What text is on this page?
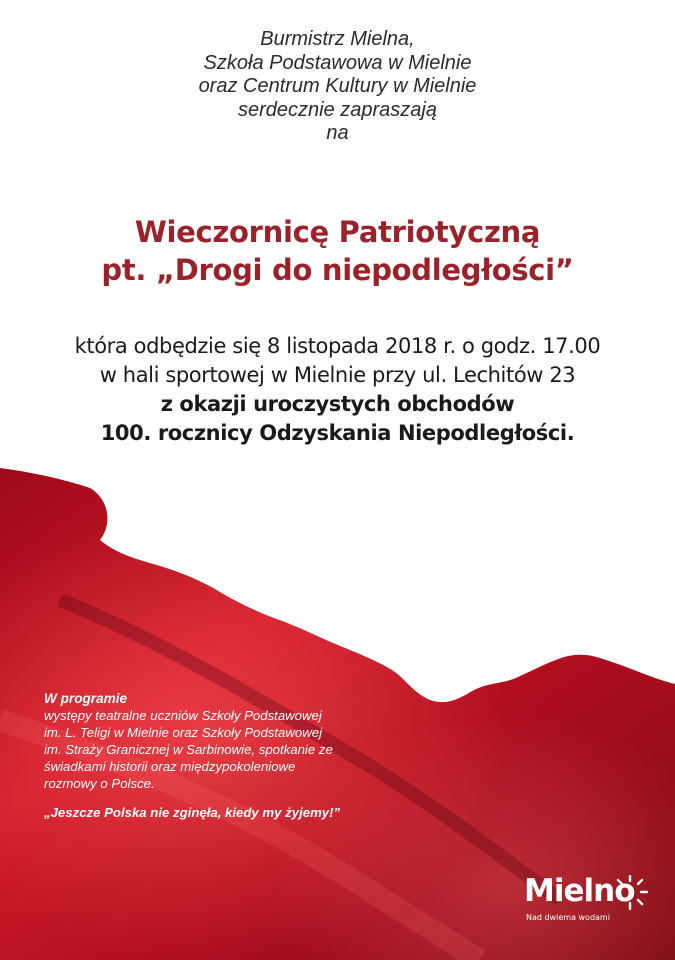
Burmistrz Mielna,
Szkoła Podstawowa w Mielnie
oraz Centrum Kultury w Mielnie
serdecznie zapraszają
na
Wieczornicę Patriotyczną
pt. „Drogi do niepodległości”
która odbędzie się 8 listopada 2018 r. o godz. 17.00
w hali sportowej w Mielnie przy ul. Lechitów 23
z okazji uroczystych obchodów
100. rocznicy Odzyskania Niepodległości.
W programie
występy teatralne uczniów Szkoły Podstawowej
im. L. Teligi w Mielnie oraz Szkoły Podstawowej
im. Straży Granicznej w Sarbinowie, spotkanie ze
świadkami historii oraz międzypokoleniowe
rozmowy o Polsce.
„Jeszcze Polska nie zginęła, kiedy my żyjemy!”
Mielno
Nad dwiema wodami
